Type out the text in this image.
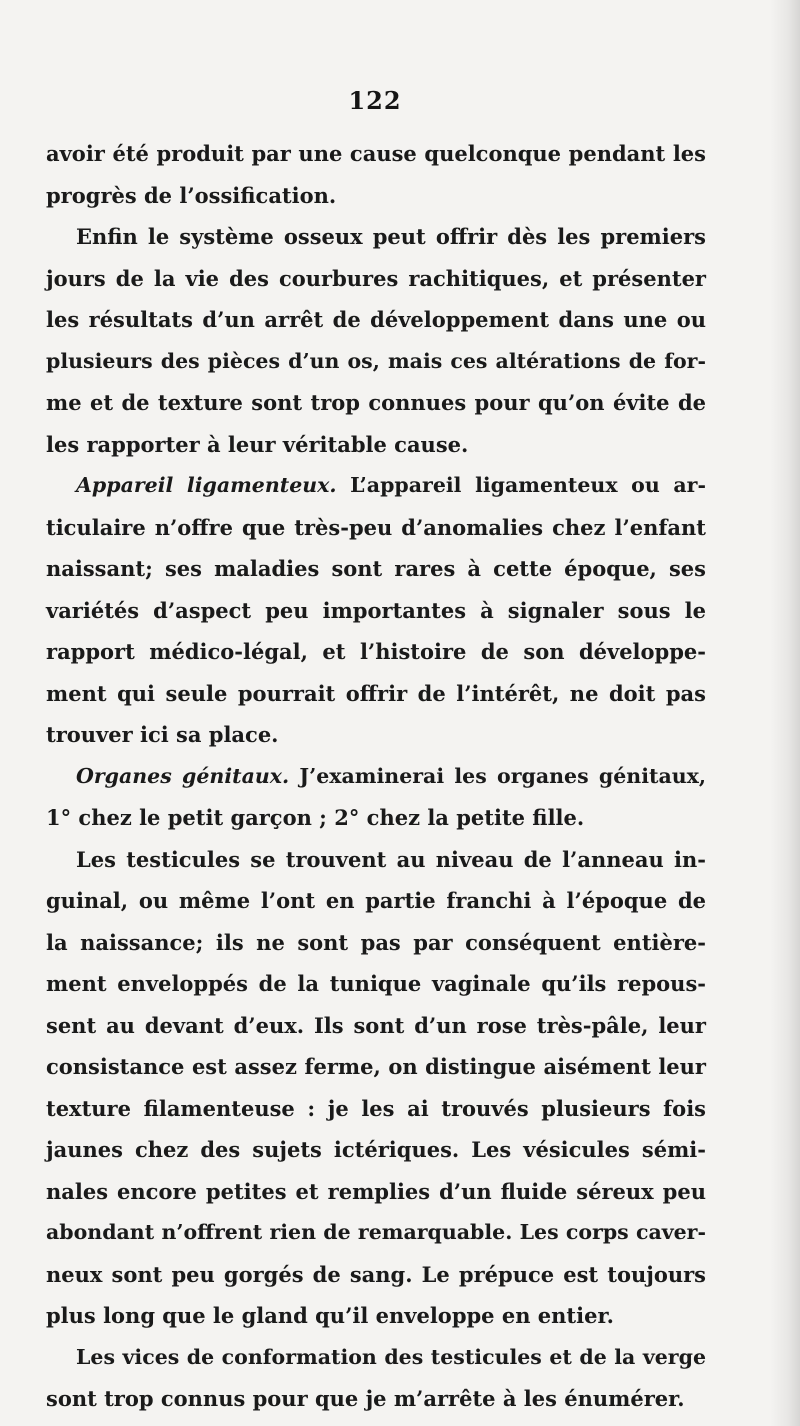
122
avoir été produit par une cause quelconque pendant les
progrès de l’ossification.
Enfin le système osseux peut offrir dès les premiers
jours de la vie des courbures rachitiques, et présenter
les résultats d’un arrêt de développement dans une ou
plusieurs des pièces d’un os, mais ces altérations de for-
me et de texture sont trop connues pour qu’on évite de
les rapporter à leur véritable cause.
Appareil ligamenteux. L’appareil ligamenteux ou ar-
ticulaire n’offre que très-peu d’anomalies chez l’enfant
naissant; ses maladies sont rares à cette époque, ses
variétés d’aspect peu importantes à signaler sous le
rapport médico-légal, et l’histoire de son développe-
ment qui seule pourrait offrir de l’intérêt, ne doit pas
trouver ici sa place.
Organes génitaux. J’examinerai les organes génitaux,
1° chez le petit garçon ; 2° chez la petite fille.
Les testicules se trouvent au niveau de l’anneau in-
guinal, ou même l’ont en partie franchi à l’époque de
la naissance; ils ne sont pas par conséquent entière-
ment enveloppés de la tunique vaginale qu’ils repous-
sent au devant d’eux. Ils sont d’un rose très-pâle, leur
consistance est assez ferme, on distingue aisément leur
texture filamenteuse : je les ai trouvés plusieurs fois
jaunes chez des sujets ictériques. Les vésicules sémi-
nales encore petites et remplies d’un fluide séreux peu
abondant n’offrent rien de remarquable. Les corps caver-
neux sont peu gorgés de sang. Le prépuce est toujours
plus long que le gland qu’il enveloppe en entier.
Les vices de conformation des testicules et de la verge
sont trop connus pour que je m’arrête à les énumérer.
